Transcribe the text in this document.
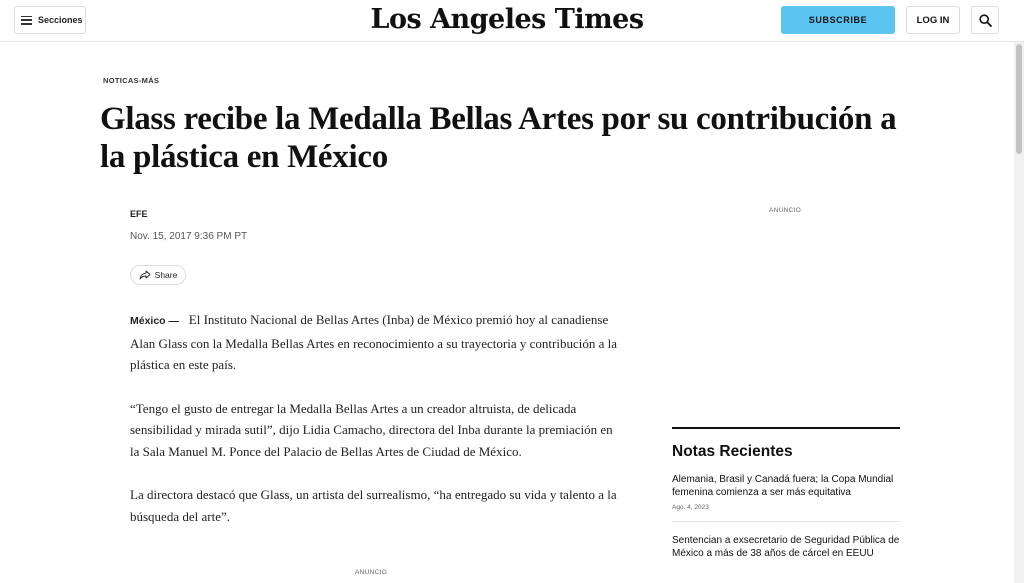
Secciones	Los Angeles Times	SUBSCRIBE	LOG IN
NOTICAS-MÁS
Glass recibe la Medalla Bellas Artes por su contribución a la plástica en México
EFE
Nov. 15, 2017 9:36 PM PT
Share

México — El Instituto Nacional de Bellas Artes (Inba) de México premió hoy al canadiense Alan Glass con la Medalla Bellas Artes en reconocimiento a su trayectoria y contribución a la plástica en este país.

“Tengo el gusto de entregar la Medalla Bellas Artes a un creador altruista, de delicada sensibilidad y mirada sutil”, dijo Lidia Camacho, directora del Inba durante la premiación en la Sala Manuel M. Ponce del Palacio de Bellas Artes de Ciudad de México.

La directora destacó que Glass, un artista del surrealismo, “ha entregado su vida y talento a la búsqueda del arte”.

ANUNCIO
ANUNCIO
Notas Recientes
Alemania, Brasil y Canadá fuera; la Copa Mundial femenina comienza a ser más equitativa
Ago. 4, 2023
Sentencian a exsecretario de Seguridad Pública de México a más de 38 años de cárcel en EEUU
